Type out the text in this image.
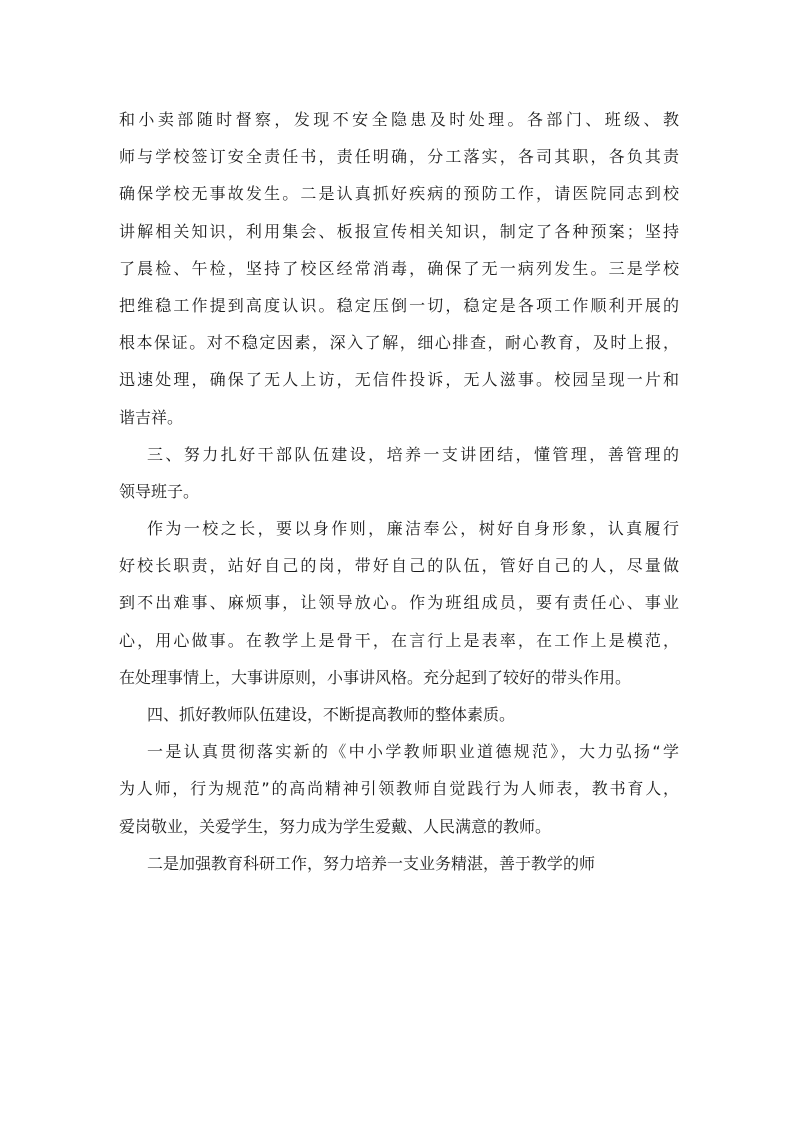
和小卖部随时督察，发现不安全隐患及时处理。各部门、班级、教
师与学校签订安全责任书，责任明确，分工落实，各司其职，各负其责
确保学校无事故发生。二是认真抓好疾病的预防工作，请医院同志到校
讲解相关知识，利用集会、板报宣传相关知识，制定了各种预案；坚持
了晨检、午检，坚持了校区经常消毒，确保了无一病列发生。三是学校
把维稳工作提到高度认识。稳定压倒一切，稳定是各项工作顺利开展的
根本保证。对不稳定因素，深入了解，细心排查，耐心教育，及时上报，
迅速处理，确保了无人上访，无信件投诉，无人滋事。校园呈现一片和
谐吉祥。
三、努力扎好干部队伍建设，培养一支讲团结，懂管理，善管理的
领导班子。
作为一校之长，要以身作则，廉洁奉公，树好自身形象，认真履行
好校长职责，站好自己的岗，带好自己的队伍，管好自己的人，尽量做
到不出难事、麻烦事，让领导放心。作为班组成员，要有责任心、事业
心，用心做事。在教学上是骨干，在言行上是表率，在工作上是模范，
在处理事情上，大事讲原则，小事讲风格。充分起到了较好的带头作用。
四、抓好教师队伍建设，不断提高教师的整体素质。
一是认真贯彻落实新的《中小学教师职业道德规范》，大力弘扬“学
为人师，行为规范”的高尚精神引领教师自觉践行为人师表，教书育人，
爱岗敬业，关爱学生，努力成为学生爱戴、人民满意的教师。
二是加强教育科研工作，努力培养一支业务精湛，善于教学的师
